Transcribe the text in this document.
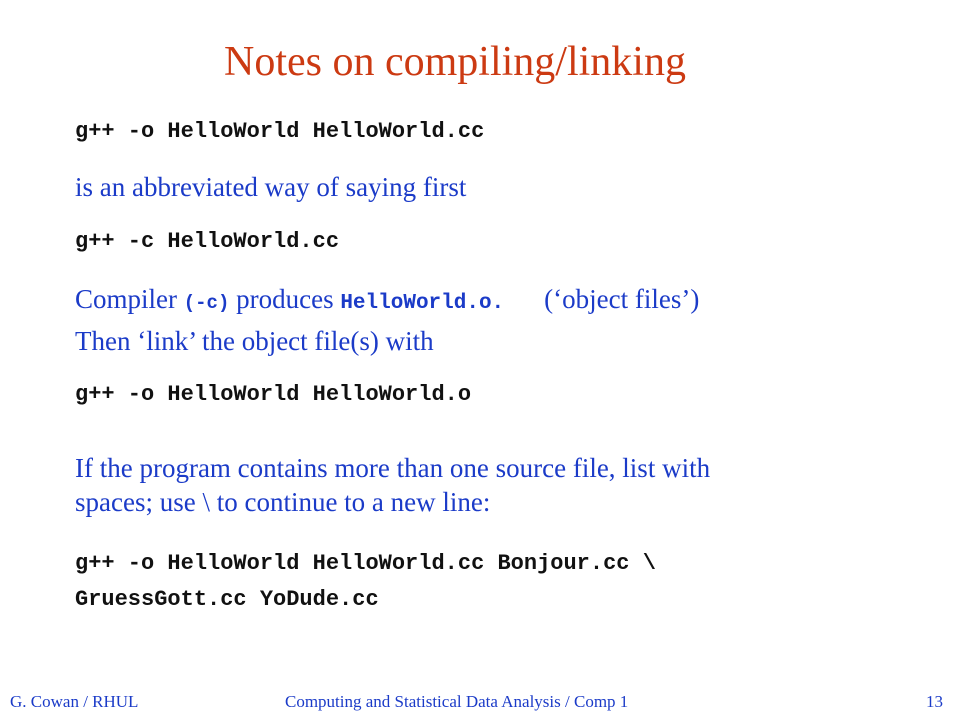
Notes on compiling/linking
g++ -o HelloWorld HelloWorld.cc
is an abbreviated way of saying first
g++ -c HelloWorld.cc
Compiler (-c) produces HelloWorld.o. (‘object files’)
Then ‘link’ the object file(s) with
g++ -o HelloWorld HelloWorld.o
If the program contains more than one source file, list with
spaces; use \ to continue to a new line:
g++ -o HelloWorld HelloWorld.cc Bonjour.cc \
GruessGott.cc YoDude.cc
G. Cowan / RHUL	Computing and Statistical Data Analysis / Comp 1	13
